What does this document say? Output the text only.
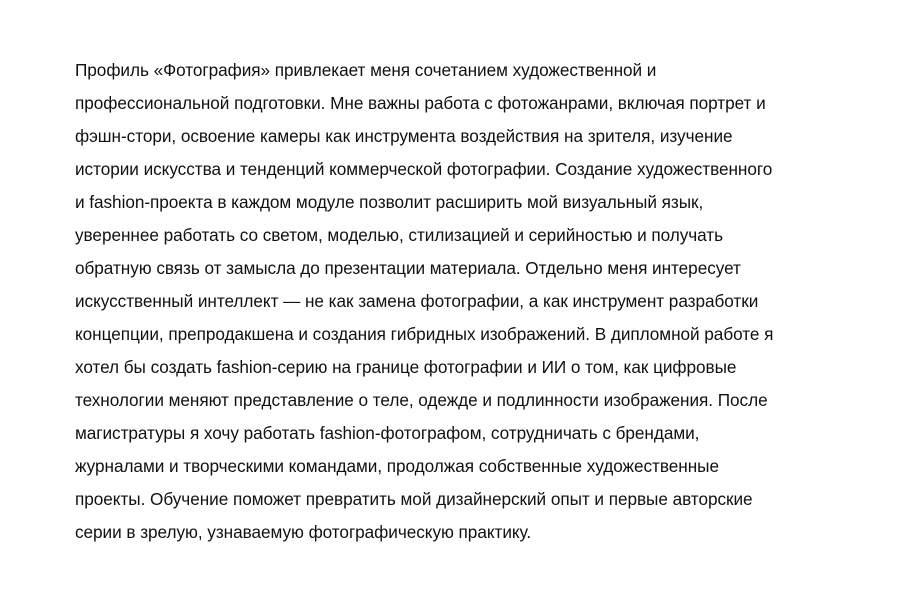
Профиль «Фотография» привлекает меня сочетанием художественной и
профессиональной подготовки. Мне важны работа с фотожанрами, включая портрет и
фэшн-стори, освоение камеры как инструмента воздействия на зрителя, изучение
истории искусства и тенденций коммерческой фотографии. Создание художественного
и fashion-проекта в каждом модуле позволит расширить мой визуальный язык,
увереннее работать со светом, моделью, стилизацией и серийностью и получать
обратную связь от замысла до презентации материала. Отдельно меня интересует
искусственный интеллект — не как замена фотографии, а как инструмент разработки
концепции, препродакшена и создания гибридных изображений. В дипломной работе я
хотел бы создать fashion-серию на границе фотографии и ИИ о том, как цифровые
технологии меняют представление о теле, одежде и подлинности изображения. После
магистратуры я хочу работать fashion-фотографом, сотрудничать с брендами,
журналами и творческими командами, продолжая собственные художественные
проекты. Обучение поможет превратить мой дизайнерский опыт и первые авторские
серии в зрелую, узнаваемую фотографическую практику.
